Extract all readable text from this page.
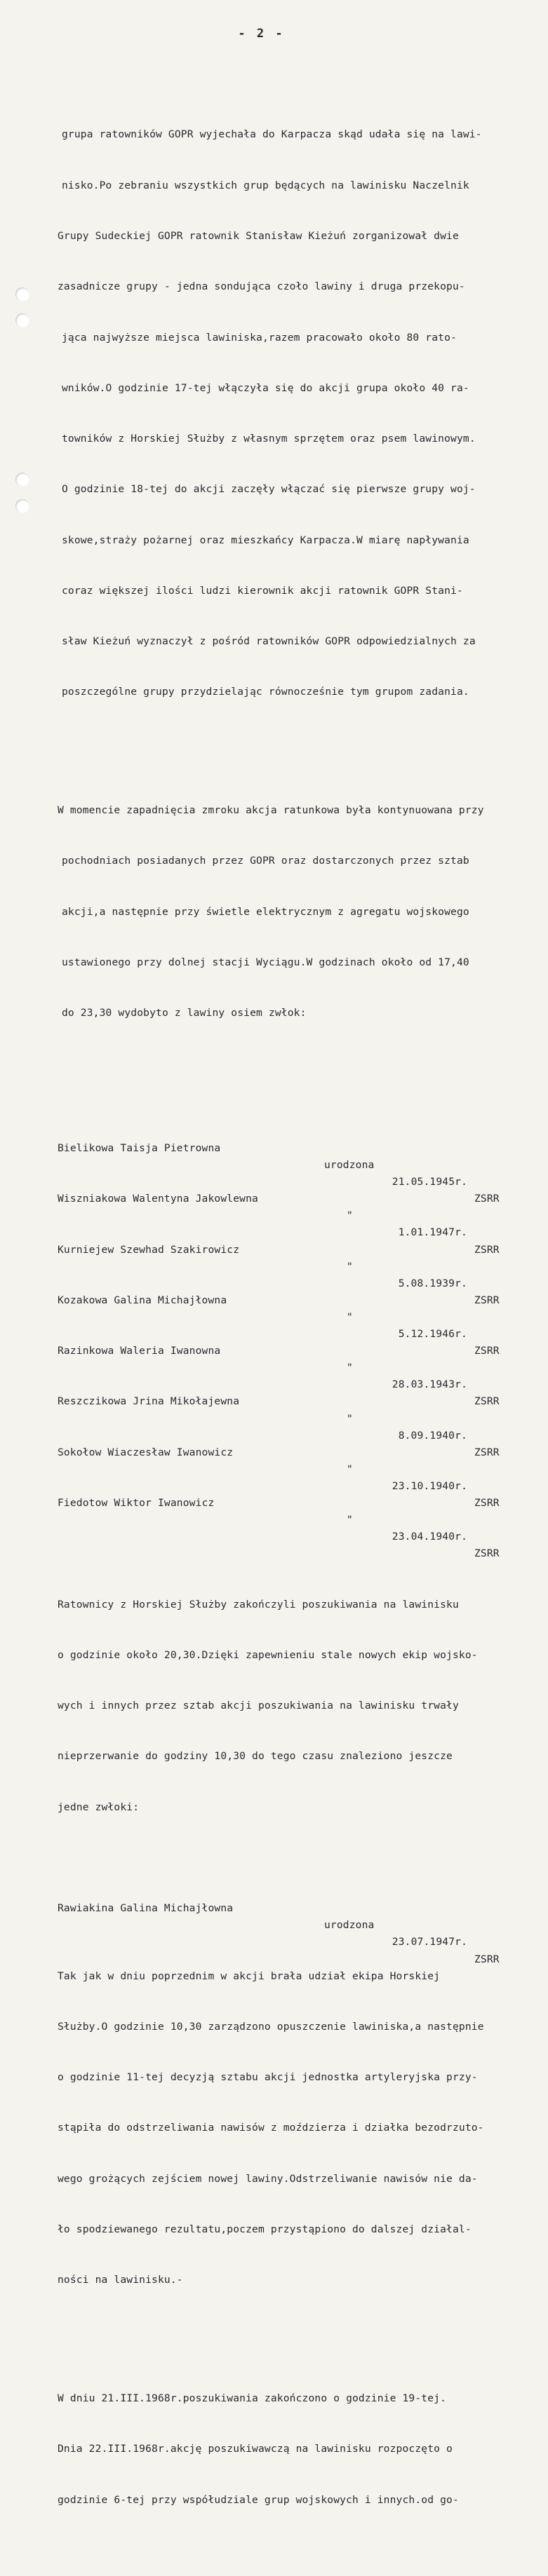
- 2 -

grupa ratowników GOPR wyjechała do Karpacza skąd udała się na lawi-

nisko.Po zebraniu wszystkich grup będących na lawinisku Naczelnik

Grupy Sudeckiej GOPR ratownik Stanisław Kieżuń zorganizował dwie

zasadnicze grupy - jedna sondująca czoło lawiny i druga przekopu-

jąca najwyższe miejsca lawiniska,razem pracowało około 80 rato-

wników.O godzinie 17-tej włączyła się do akcji grupa około 40 ra-

towników z Horskiej Służby z własnym sprzętem oraz psem lawinowym.

O godzinie 18-tej do akcji zaczęły włączać się pierwsze grupy woj-

skowe,straży pożarnej oraz mieszkańcy Karpacza.W miarę napływania

coraz większej ilości ludzi kierownik akcji ratownik GOPR Stani-

sław Kieżuń wyznaczył z pośród ratowników GOPR odpowiedzialnych za

poszczególne grupy przydzielając równocześnie tym grupom zadania.

W momencie zapadnięcia zmroku akcja ratunkowa była kontynuowana przy

pochodniach posiadanych przez GOPR oraz dostarczonych przez sztab

akcji,a następnie przy świetle elektrycznym z agregatu wojskowego

ustawionego przy dolnej stacji Wyciągu.W godzinach około od 17,40

do 23,30 wydobyto z lawiny osiem zwłok:

Bielikowa Taisja Pietrowna

urodzona

21.05.1945r.

ZSRR

Wiszniakowa Walentyna Jakowlewna

"

1.01.1947r.

ZSRR

Kurniejew Szewhad Szakirowicz

"

5.08.1939r.

ZSRR

Kozakowa Galina Michajłowna

"

5.12.1946r.

ZSRR

Razinkowa Waleria Iwanowna

"

28.03.1943r.

ZSRR

Reszczikowa Jrina Mikołajewna

"

8.09.1940r.

ZSRR

Sokołow Wiaczesław Iwanowicz

"

23.10.1940r.

ZSRR

Fiedotow Wiktor Iwanowicz

"

23.04.1940r.

ZSRR

Ratownicy z Horskiej Służby zakończyli poszukiwania na lawinisku

o godzinie około 20,30.Dzięki zapewnieniu stale nowych ekip wojsko-

wych i innych przez sztab akcji poszukiwania na lawinisku trwały

nieprzerwanie do godziny 10,30 do tego czasu znaleziono jeszcze

jedne zwłoki:

Rawiakina Galina Michajłowna

urodzona

23.07.1947r.

ZSRR

Tak jak w dniu poprzednim w akcji brała udział ekipa Horskiej

Służby.O godzinie 10,30 zarządzono opuszczenie lawiniska,a następnie

o godzinie 11-tej decyzją sztabu akcji jednostka artyleryjska przy-

stąpiła do odstrzeliwania nawisów z moździerza i działka bezodrzuto-

wego grożących zejściem nowej lawiny.Odstrzeliwanie nawisów nie da-

ło spodziewanego rezultatu,poczem przystąpiono do dalszej działal-

ności na lawinisku.-

W dniu 21.III.1968r.poszukiwania zakończono o godzinie 19-tej.

Dnia 22.III.1968r.akcję poszukiwawczą na lawinisku rozpoczęto o

godzinie 6-tej przy współudziale grup wojskowych i innych.od go-
